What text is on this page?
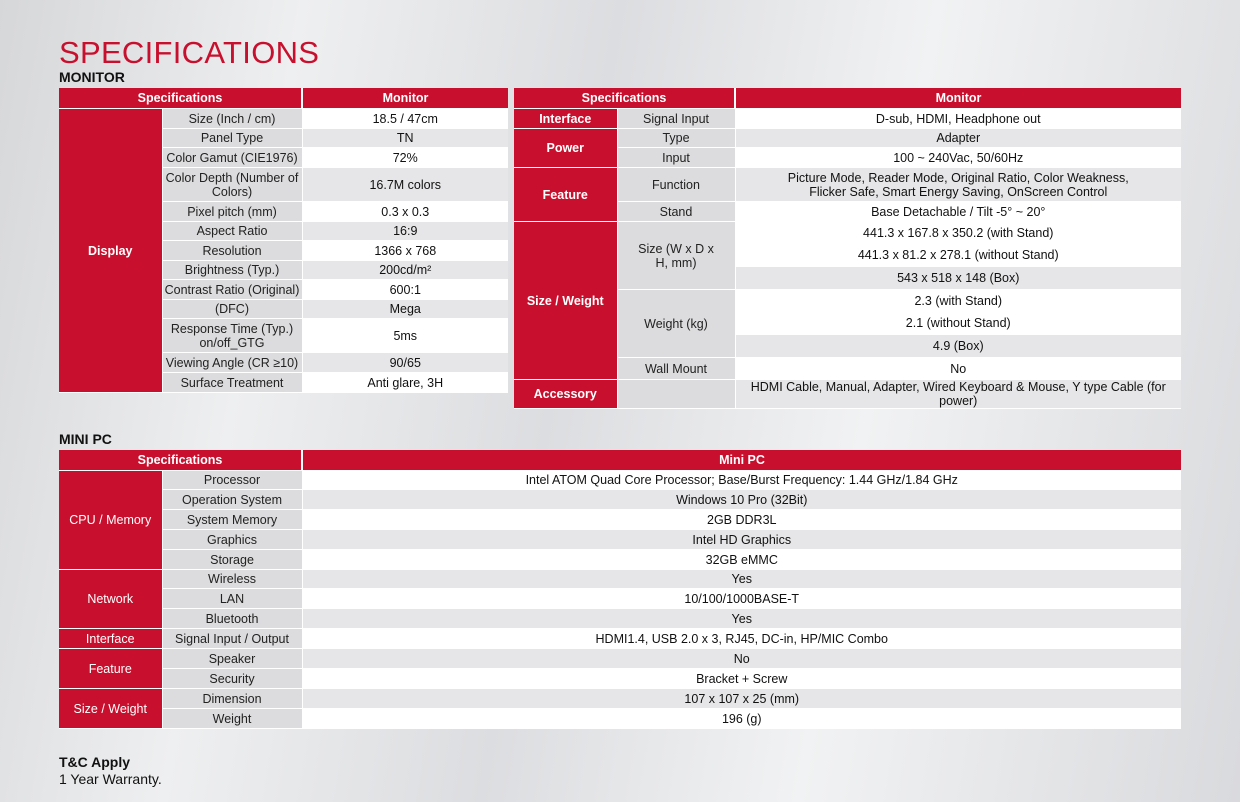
SPECIFICATIONS
MONITOR
Specifications		Monitor
Display	Size (Inch / cm)	18.5 / 47cm
	Panel Type	TN
	Color Gamut (CIE1976)	72%
	Color Depth (Number of Colors)	16.7M colors
	Pixel pitch (mm)	0.3 x 0.3
	Aspect Ratio	16:9
	Resolution	1366 x 768
	Brightness (Typ.)	200cd/m²
	Contrast Ratio (Original)	600:1
	(DFC)	Mega
	Response Time (Typ.) on/off_GTG	5ms
	Viewing Angle (CR ≥10)	90/65
	Surface Treatment	Anti glare, 3H
Specifications		Monitor
Interface	Signal Input	D-sub, HDMI, Headphone out
Power	Type	Adapter
	Input	100 ~ 240Vac, 50/60Hz
Feature	Function	Picture Mode, Reader Mode, Original Ratio, Color Weakness, Flicker Safe, Smart Energy Saving, OnScreen Control
	Stand	Base Detachable / Tilt -5° ~ 20°
Size / Weight	Size (W x D x H, mm)	441.3 x 167.8 x 350.2 (with Stand)
		441.3 x 81.2 x 278.1 (without Stand)
		543 x 518 x 148 (Box)
	Weight (kg)	2.3 (with Stand)
		2.1 (without Stand)
		4.9 (Box)
	Wall Mount	No
Accessory		HDMI Cable, Manual, Adapter, Wired Keyboard & Mouse, Y type Cable (for power)
MINI PC
Specifications		Mini PC
CPU / Memory	Processor	Intel ATOM Quad Core Processor; Base/Burst Frequency: 1.44 GHz/1.84 GHz
	Operation System	Windows 10 Pro (32Bit)
	System Memory	2GB DDR3L
	Graphics	Intel HD Graphics
	Storage	32GB eMMC
Network	Wireless	Yes
	LAN	10/100/1000BASE-T
	Bluetooth	Yes
Interface	Signal Input / Output	HDMI1.4, USB 2.0 x 3, RJ45, DC-in, HP/MIC Combo
Feature	Speaker	No
	Security	Bracket + Screw
Size / Weight	Dimension	107 x 107 x 25 (mm)
	Weight	196 (g)
T&C Apply
1 Year Warranty.
